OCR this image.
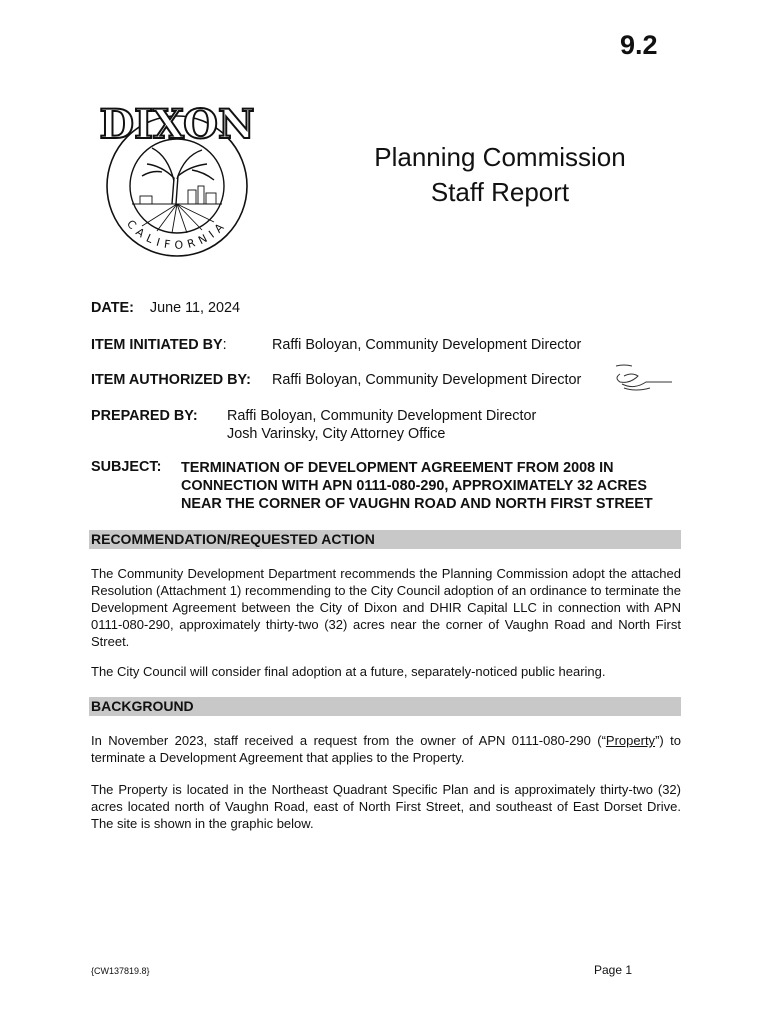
9.2
DIXON
CALIFORNIA
Planning Commission
Staff Report
DATE: June 11, 2024
ITEM INITIATED BY:	Raffi Boloyan, Community Development Director
ITEM AUTHORIZED BY: Raffi Boloyan, Community Development Director
PREPARED BY: Raffi Boloyan, Community Development Director
Josh Varinsky, City Attorney Office
SUBJECT: TERMINATION OF DEVELOPMENT AGREEMENT FROM 2008 IN
CONNECTION WITH APN 0111-080-290, APPROXIMATELY 32 ACRES
NEAR THE CORNER OF VAUGHN ROAD AND NORTH FIRST STREET
RECOMMENDATION/REQUESTED ACTION
The Community Development Department recommends the Planning Commission adopt the attached Resolution (Attachment 1) recommending to the City Council adoption of an ordinance to terminate the Development Agreement between the City of Dixon and DHIR Capital LLC in connection with APN 0111-080-290, approximately thirty-two (32) acres near the corner of Vaughn Road and North First Street.
The City Council will consider final adoption at a future, separately-noticed public hearing.
BACKGROUND
In November 2023, staff received a request from the owner of APN 0111-080-290 (“Property”) to terminate a Development Agreement that applies to the Property.
The Property is located in the Northeast Quadrant Specific Plan and is approximately thirty-two (32) acres located north of Vaughn Road, east of North First Street, and southeast of East Dorset Drive. The site is shown in the graphic below.
{CW137819.8}	Page 1
